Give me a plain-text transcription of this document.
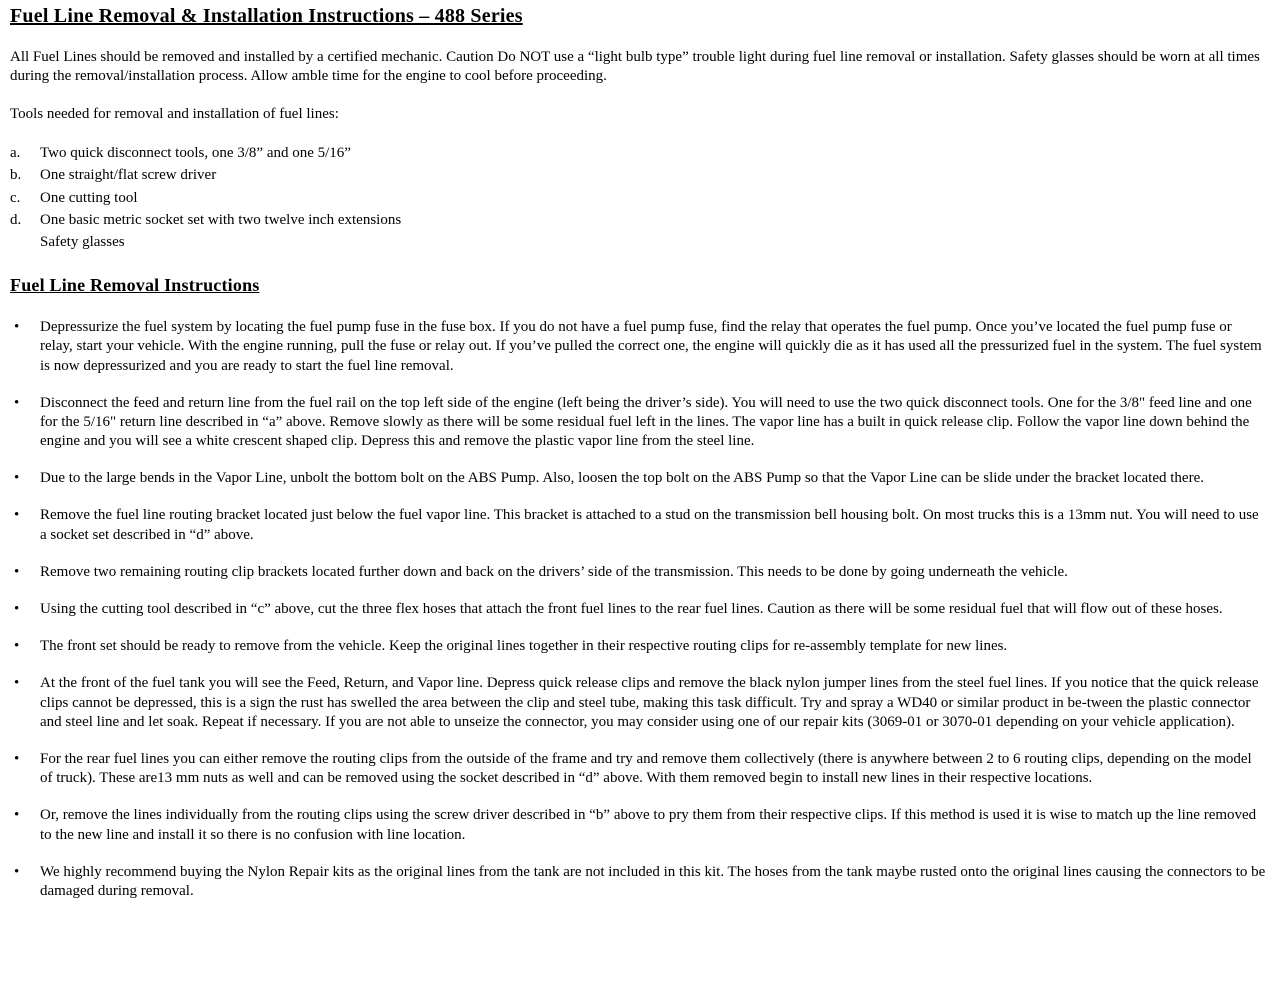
Fuel Line Removal & Installation Instructions – 488 Series

All Fuel Lines should be removed and installed by a certified mechanic. Caution Do NOT use a “light bulb type” trouble light during fuel line removal or installation. Safety glasses should be worn at all times during the removal/installation process. Allow amble time for the engine to cool before proceeding.

Tools needed for removal and installation of fuel lines:

a.	Two quick disconnect tools, one 3/8” and one 5/16”
b.	One straight/flat screw driver
c.	One cutting tool
d.	One basic metric socket set with two twelve inch extensions
Safety glasses
Fuel Line Removal Instructions
• Depressurize the fuel system by locating the fuel pump fuse in the fuse box. If you do not have a fuel pump fuse, find the relay that operates the fuel pump. Once you’ve located the fuel pump fuse or relay, start your vehicle. With the engine running, pull the fuse or relay out. If you’ve pulled the correct one, the engine will quickly die as it has used all the pressurized fuel in the system. The fuel system is now depressurized and you are ready to start the fuel line removal.
• Disconnect the feed and return line from the fuel rail on the top left side of the engine (left being the driver’s side). You will need to use the two quick disconnect tools. One for the 3/8" feed line and one for the 5/16" return line described in “a” above. Remove slowly as there will be some residual fuel left in the lines. The vapor line has a built in quick release clip. Follow the vapor line down behind the engine and you will see a white crescent shaped clip. Depress this and remove the plastic vapor line from the steel line.
• Due to the large bends in the Vapor Line, unbolt the bottom bolt on the ABS Pump. Also, loosen the top bolt on the ABS Pump so that the Vapor Line can be slide under the bracket located there.
• Remove the fuel line routing bracket located just below the fuel vapor line. This bracket is attached to a stud on the transmission bell housing bolt. On most trucks this is a 13mm nut. You will need to use a socket set described in “d” above.
• Remove two remaining routing clip brackets located further down and back on the drivers’ side of the transmission. This needs to be done by going underneath the vehicle.
• Using the cutting tool described in “c” above, cut the three flex hoses that attach the front fuel lines to the rear fuel lines. Caution as there will be some residual fuel that will flow out of these hoses.
• The front set should be ready to remove from the vehicle. Keep the original lines together in their respective routing clips for re-assembly template for new lines.
• At the front of the fuel tank you will see the Feed, Return, and Vapor line. Depress quick release clips and remove the black nylon jumper lines from the steel fuel lines. If you notice that the quick release clips cannot be depressed, this is a sign the rust has swelled the area between the clip and steel tube, making this task difficult. Try and spray a WD40 or similar product in be-tween the plastic connector and steel line and let soak. Repeat if necessary. If you are not able to unseize the connector, you may consider using one of our repair kits (3069-01 or 3070-01 depending on your vehicle application).
• For the rear fuel lines you can either remove the routing clips from the outside of the frame and try and remove them collectively (there is anywhere between 2 to 6 routing clips, depending on the model of truck). These are13 mm nuts as well and can be removed using the socket described in “d” above. With them removed begin to install new lines in their respective locations.
• Or, remove the lines individually from the routing clips using the screw driver described in “b” above to pry them from their respective clips. If this method is used it is wise to match up the line removed to the new line and install it so there is no confusion with line location.
• We highly recommend buying the Nylon Repair kits as the original lines from the tank are not included in this kit. The hoses from the tank maybe rusted onto the original lines causing the connectors to be damaged during removal.
